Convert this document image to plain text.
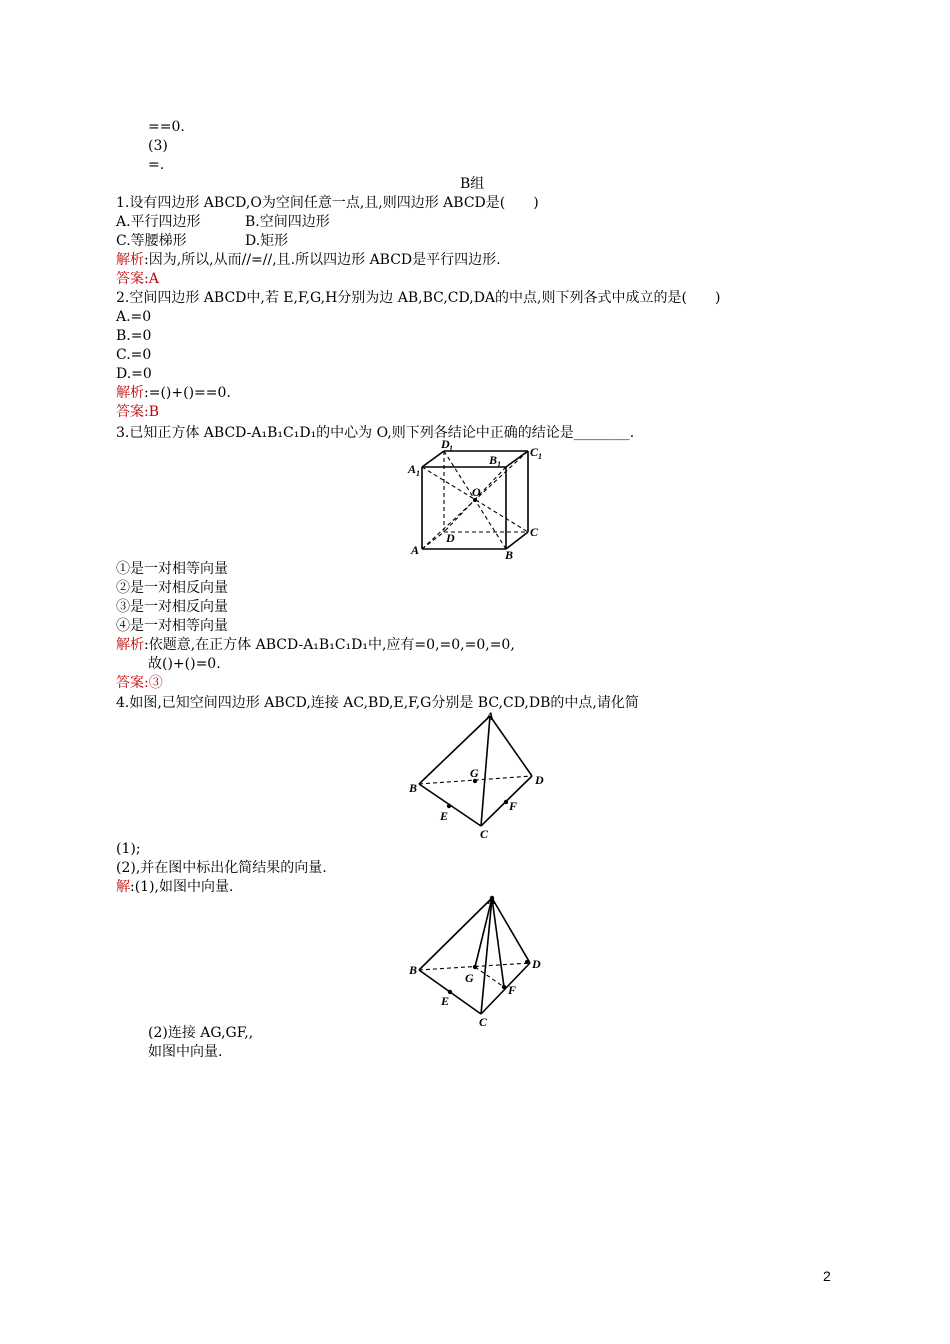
==0.
(3)
=.
B组
1.设有四边形 ABCD,O为空间任意一点,且,则四边形 ABCD是(　　)
A.平行四边形	B.空间四边形
C.等腰梯形	D.矩形
解析:因为,所以,从而//=//,且.所以四边形 ABCD是平行四边形.
答案:A
2.空间四边形 ABCD中,若 E,F,G,H分别为边 AB,BC,CD,DA的中点,则下列各式中成立的是(　　)
A.=0
B.=0
C.=0
D.=0
解析:=()+()==0.
答案:B
3.已知正方体 ABCD-A₁B₁C₁D₁的中心为 O,则下列各结论中正确的结论是________.
A 1
D 1
B 1
C 1
O
D	C
A	B
①是一对相等向量
②是一对相反向量
③是一对相反向量
④是一对相等向量
解析:依题意,在正方体 ABCD-A₁B₁C₁D₁中,应有=0,=0,=0,=0,
故()+()=0.
答案:③
4.如图,已知空间四边形 ABCD,连接 AC,BD,E,F,G分别是 BC,CD,DB的中点,请化简
A
B
D
C
E
F
G
(1);
(2),并在图中标出化简结果的向量.
解:(1),如图中向量.
A
B	D
C
E
F
G
(2)连接 AG,GF,,
如图中向量.
2
